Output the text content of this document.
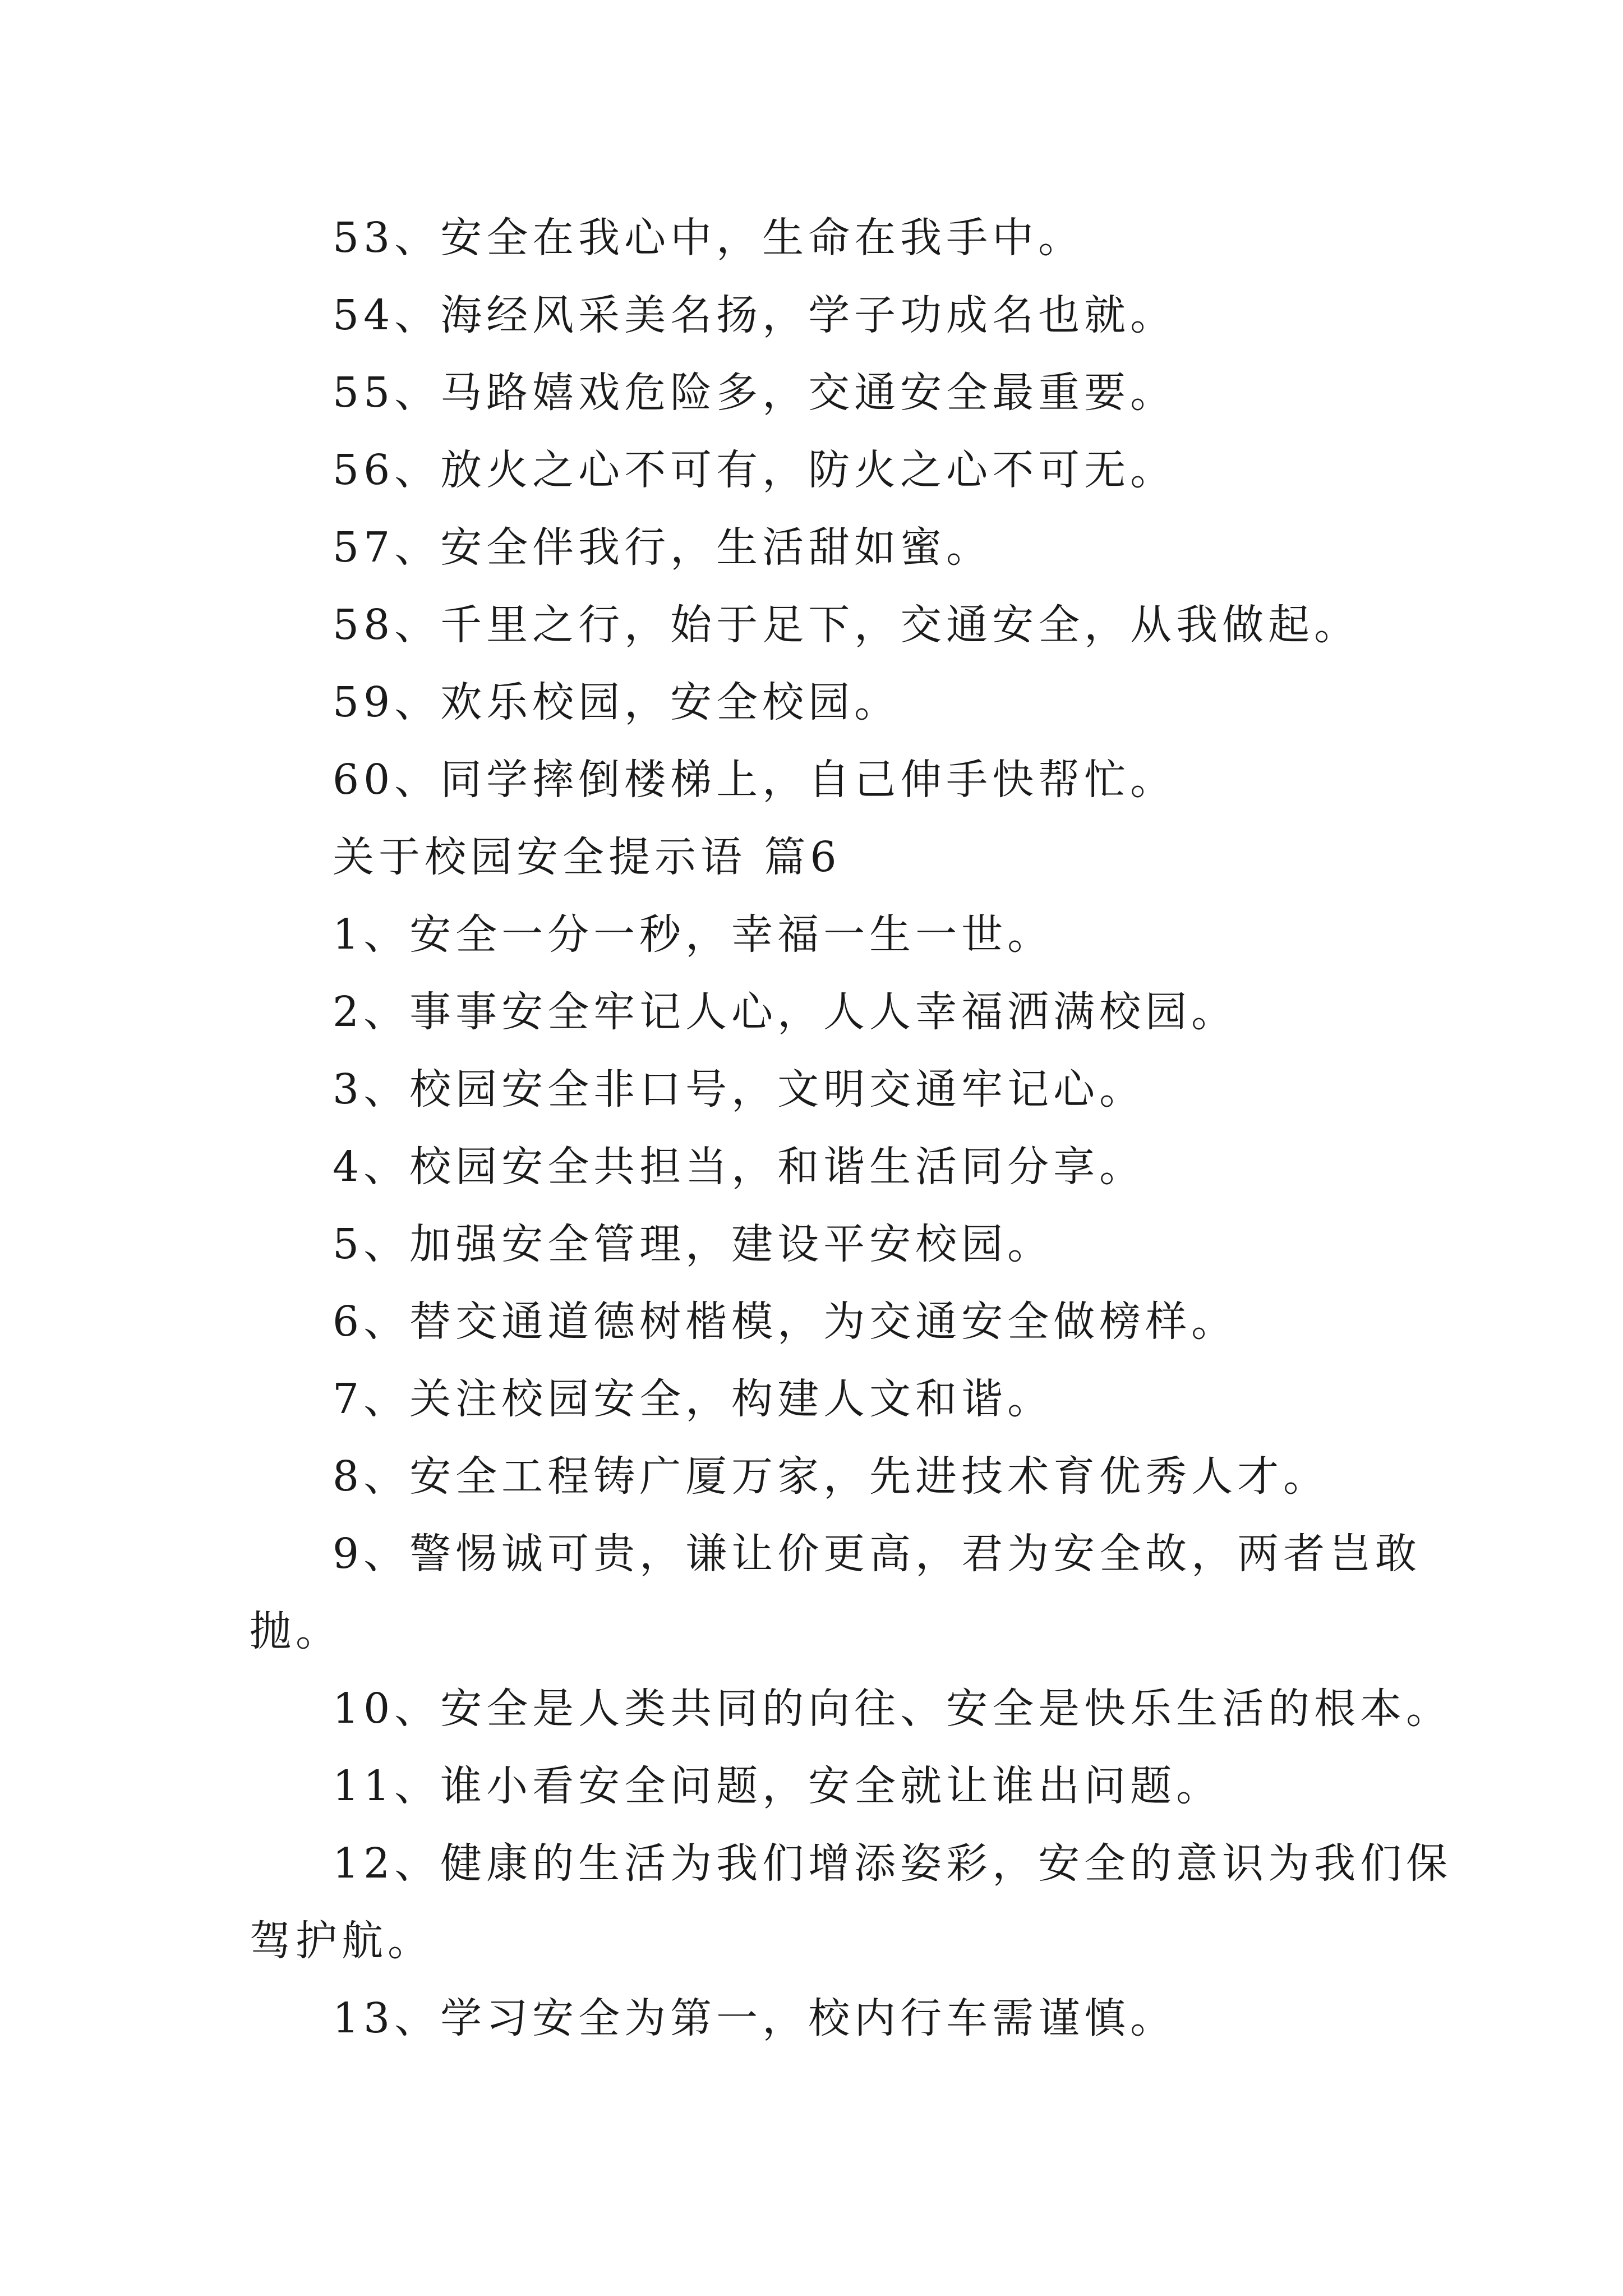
53、安全在我心中，生命在我手中。
54、海经风采美名扬，学子功成名也就。
55、马路嬉戏危险多，交通安全最重要。
56、放火之心不可有，防火之心不可无。
57、安全伴我行，生活甜如蜜。
58、千里之行，始于足下，交通安全，从我做起。
59、欢乐校园，安全校园。
60、同学摔倒楼梯上，自己伸手快帮忙。
关于校园安全提示语 篇6
1、安全一分一秒，幸福一生一世。
2、事事安全牢记人心，人人幸福洒满校园。
3、校园安全非口号，文明交通牢记心。
4、校园安全共担当，和谐生活同分享。
5、加强安全管理，建设平安校园。
6、替交通道德树楷模，为交通安全做榜样。
7、关注校园安全，构建人文和谐。
8、安全工程铸广厦万家，先进技术育优秀人才。
9、警惕诚可贵，谦让价更高，君为安全故，两者岂敢
抛。
10、安全是人类共同的向往、安全是快乐生活的根本。
11、谁小看安全问题，安全就让谁出问题。
12、健康的生活为我们增添姿彩，安全的意识为我们保
驾护航。
13、学习安全为第一，校内行车需谨慎。
